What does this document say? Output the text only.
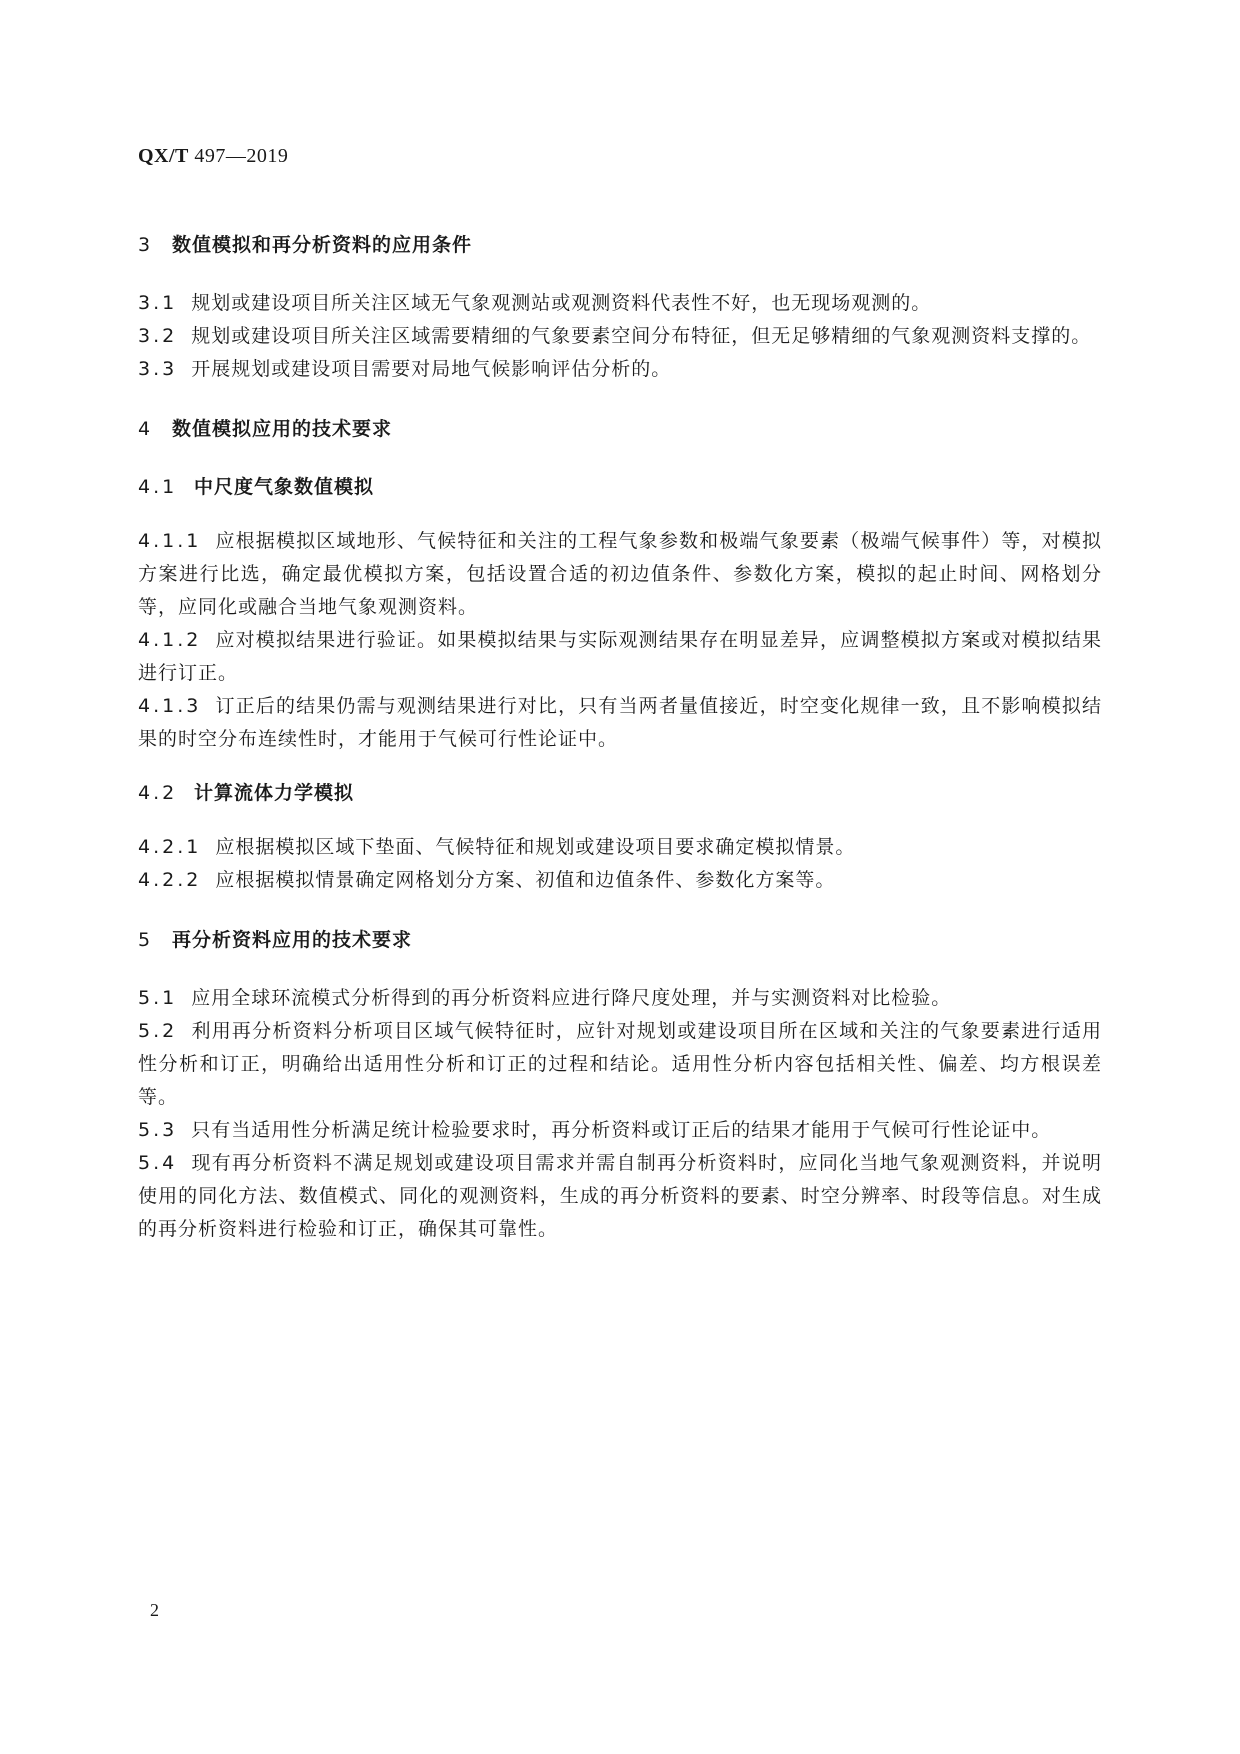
QX/T 497—2019
3 数值模拟和再分析资料的应用条件
3.1 规划或建设项目所关注区域无气象观测站或观测资料代表性不好，也无现场观测的。
3.2 规划或建设项目所关注区域需要精细的气象要素空间分布特征，但无足够精细的气象观测资料支撑的。
3.3 开展规划或建设项目需要对局地气候影响评估分析的。
4 数值模拟应用的技术要求
4.1 中尺度气象数值模拟
4.1.1 应根据模拟区域地形、气候特征和关注的工程气象参数和极端气象要素（极端气候事件）等，对模拟方案进行比选，确定最优模拟方案，包括设置合适的初边值条件、参数化方案，模拟的起止时间、网格划分等，应同化或融合当地气象观测资料。
4.1.2 应对模拟结果进行验证。如果模拟结果与实际观测结果存在明显差异，应调整模拟方案或对模拟结果进行订正。
4.1.3 订正后的结果仍需与观测结果进行对比，只有当两者量值接近，时空变化规律一致，且不影响模拟结果的时空分布连续性时，才能用于气候可行性论证中。
4.2 计算流体力学模拟
4.2.1 应根据模拟区域下垫面、气候特征和规划或建设项目要求确定模拟情景。
4.2.2 应根据模拟情景确定网格划分方案、初值和边值条件、参数化方案等。
5 再分析资料应用的技术要求
5.1 应用全球环流模式分析得到的再分析资料应进行降尺度处理，并与实测资料对比检验。
5.2 利用再分析资料分析项目区域气候特征时，应针对规划或建设项目所在区域和关注的气象要素进行适用性分析和订正，明确给出适用性分析和订正的过程和结论。适用性分析内容包括相关性、偏差、均方根误差等。
5.3 只有当适用性分析满足统计检验要求时，再分析资料或订正后的结果才能用于气候可行性论证中。
5.4 现有再分析资料不满足规划或建设项目需求并需自制再分析资料时，应同化当地气象观测资料，并说明使用的同化方法、数值模式、同化的观测资料，生成的再分析资料的要素、时空分辨率、时段等信息。对生成的再分析资料进行检验和订正，确保其可靠性。
2
